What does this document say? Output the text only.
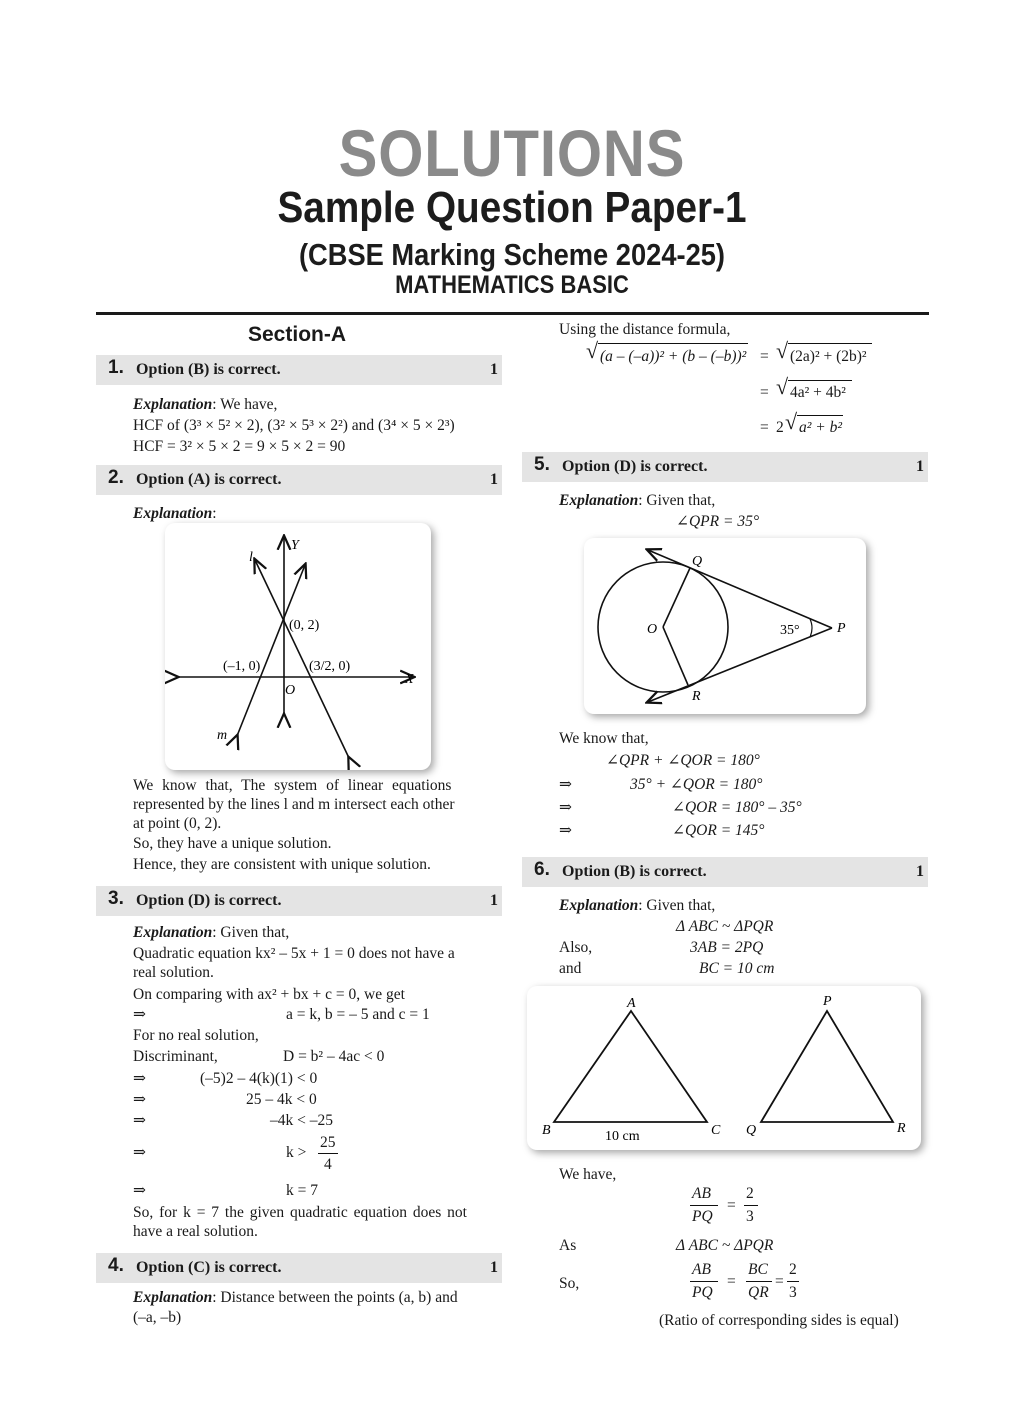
SOLUTIONS
Sample Question Paper-1
(CBSE Marking Scheme 2024-25)
MATHEMATICS BASIC
Section-A
1. Option (B) is correct.	1
Explanation: We have,
HCF of (3³ × 5² × 2), (3² × 5³ × 2²) and (3⁴ × 5 × 2³)
HCF = 3² × 5 × 2 = 9 × 5 × 2 = 90
2. Option (A) is correct.	1
Explanation:
Y
X
O
l
m
(0, 2)
(–1, 0)	(3/2, 0)
We know that, The system of linear equations
represented by the lines l and m intersect each other
at point (0, 2).
So, they have a unique solution.
Hence, they are consistent with unique solution.
3. Option (D) is correct.	1
Explanation: Given that,
Quadratic equation kx² – 5x + 1 = 0 does not have a
real solution.
On comparing with ax² + bx + c = 0, we get
⇒	a = k, b = – 5 and c = 1
For no real solution,
Discriminant,	D = b² – 4ac < 0
⇒	(–5)2 – 4(k)(1) < 0
⇒	25 – 4k < 0
⇒	–4k < –25
⇒	k >
25
4
⇒	k = 7
So, for k = 7 the given quadratic equation does not
have a real solution.
4. Option (C) is correct.	1
Explanation: Distance between the points (a, b) and
(–a, –b)
Using the distance formula,
√ (a – (–a))² + (b – (–b))² = √ (2a)² + (2b)²
= √ 4a² + 4b²
= 2 √ a² + b²
5. Option (D) is correct.	1
Explanation: Given that,
∠QPR = 35°
Q
O	P
R
35°
We know that,
∠QPR + ∠QOR = 180°
⇒	35° + ∠QOR = 180°
⇒	∠QOR = 180° – 35°
⇒	∠QOR = 145°
6. Option (B) is correct.	1
Explanation: Given that,
Δ ABC ~ ΔPQR
Also,	3AB = 2PQ
and	BC = 10 cm
A
B	C
10 cm
P
Q	R
We have,
AB
PQ
=
2
3
As	Δ ABC ~ ΔPQR
So,
AB
PQ
=
BC
QR
=
2
3
(Ratio of corresponding sides is equal)
